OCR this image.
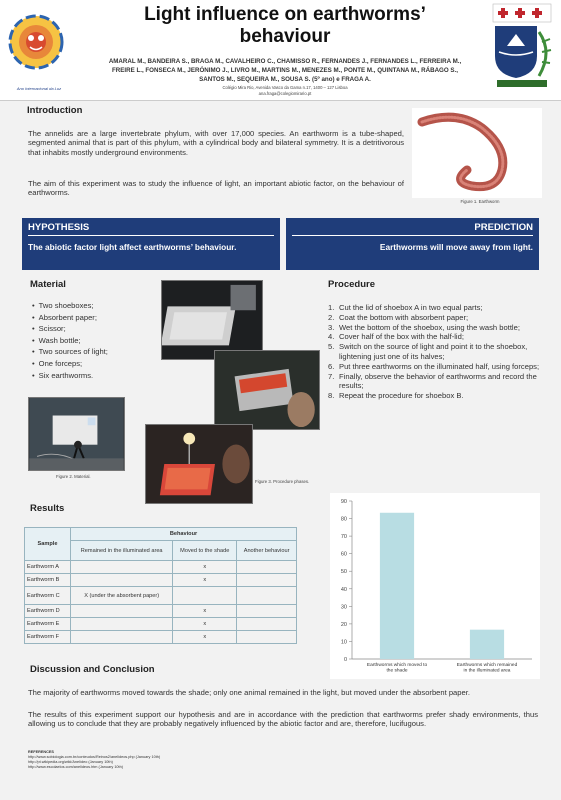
Ano Internacional da Luz
Light influence on earthworms’ behaviour
AMARAL M., BANDEIRA S., BRAGA M., CAVALHEIRO C., CHAMISSO R., FERNANDES J., FERNANDES L., FERREIRA M., FREIRE L., FONSECA M., JERÓNIMO J., LIVRO M., MARTINS M., MENEZES M., PONTE M., QUINTANA M., RÁBAGO S., SANTOS M., SEQUEIRA M., SOUSA S. (5º ano) e FRAGA A.
Colégio Mira Rio, Avenida Vasco da Gama n.17, 1400 – 127 Lisboa
ana.fraga@colegiomirario.pt
Introduction
The annelids are a large invertebrate phylum, with over 17,000 species. An earthworm is a tube-shaped, segmented animal that is part of this phylum, with a cylindrical body and bilateral symmetry. It is a detritivorous that inhabits mostly underground environments.
The aim of this experiment was to study the influence of light, an important abiotic factor, on the behaviour of earthworms.
Figure 1. Earthworm
HYPOTHESIS
The abiotic factor light affect earthworms’ behaviour.
PREDICTION
Earthworms will move away from light.
Material
• Two shoeboxes;
• Absorbent paper;
• Scissor;
• Wash bottle;
• Two sources of light;
• One forceps;
• Six earthworms.
Figure 2. Material.
Figure 3. Procedure phases.
Procedure
1. Cut the lid of shoebox A in two equal parts;
2. Coat the bottom with absorbent paper;
3. Wet the bottom of the shoebox, using the wash bottle;
4. Cover half of the box with the half-lid;
5. Switch on the source of light and point it to the shoebox, lightening just one of its halves;
6. Put three earthworms on the illuminated half, using forceps;
7. Finally, observe the behavior of earthworms and record the results;
8. Repeat the procedure for shoebox B.
Results
Sample	Behaviour		
	Remained in the illuminated area	Moved to the shade	Another behaviour
Earthworm A		x	
Earthworm B		x	
Earthworm C	X (under the absorbent paper)		
Earthworm D		x	
Earthworm E		x	
Earthworm F		x	
0
10
20
30
40
50
60
70
80
90
Earthworms which moved to
the shade
Earthworms which remained
in the illuminated area
Discussion and Conclusion
The majority of earthworms moved towards the shade; only one animal remained in the light, but moved under the absorbent paper.
The results of this experiment support our hypothesis and are in accordance with the prediction that earthworms prefer shady environments, thus allowing us to conclude that they are probably negatively influenced by the abiotic factor and are, therefore, lucifugous.
REFERENCES
http://www.sobiologia.com.br/conteudos/Reinos2/anelideos.php (January 10th)
http://pt.wikipedia.org/wiki/Anelídeo (January 10th)
http://www.escolaelos.com/anelideos.htm (January 10th)
